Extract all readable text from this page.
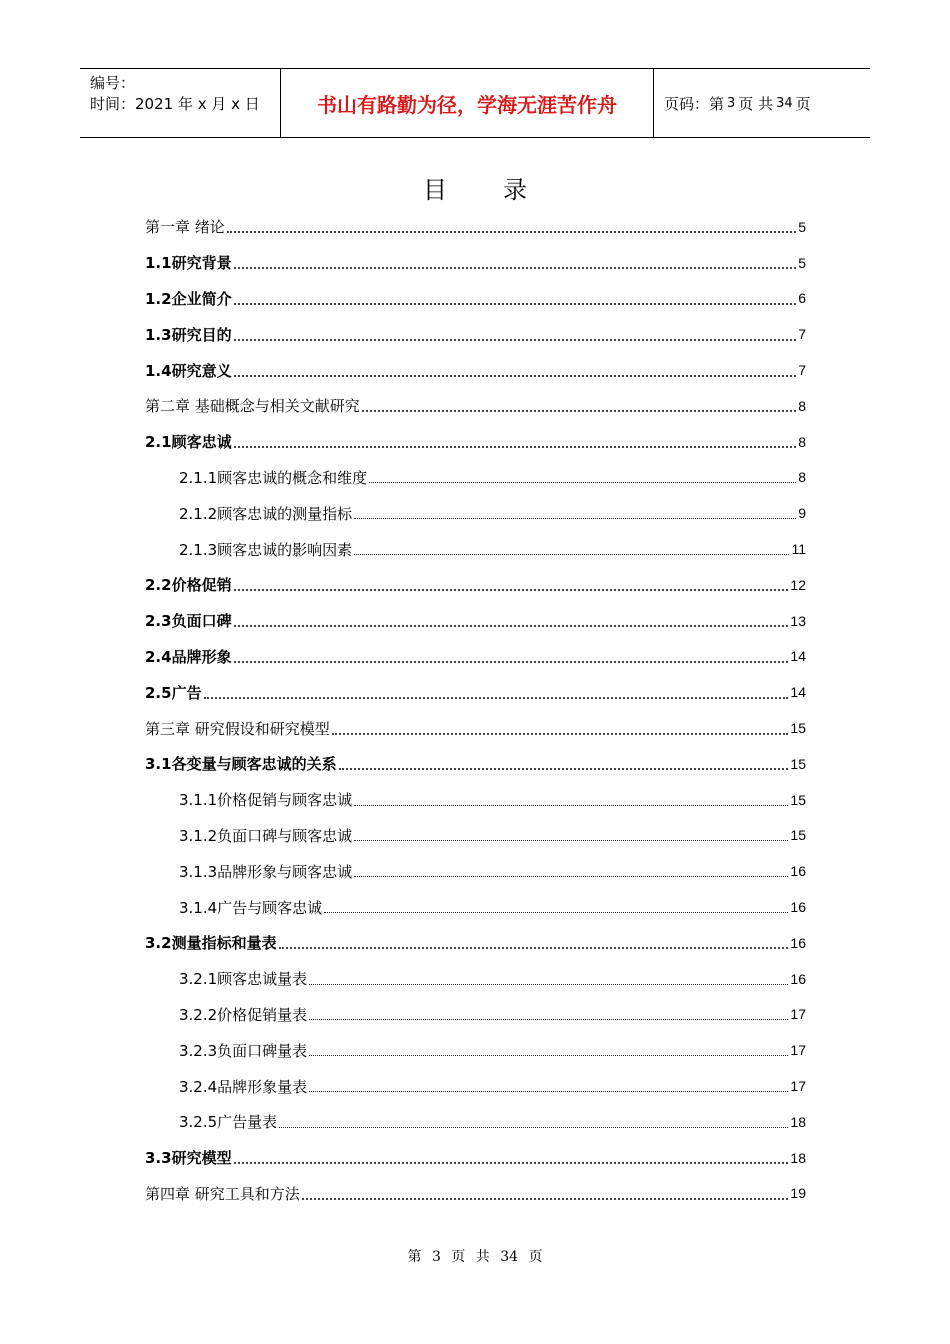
编号：
时间：2021 年 x 月 x 日	书山有路勤为径，学海无涯苦作舟	页码：第 3 页 共 34 页
目录
第一章 绪论	5
1.1研究背景	5
1.2企业简介	6
1.3研究目的	7
1.4研究意义	7
第二章 基础概念与相关文献研究	8
2.1顾客忠诚	8
2.1.1顾客忠诚的概念和维度	8
2.1.2顾客忠诚的测量指标	9
2.1.3顾客忠诚的影响因素	11
2.2价格促销	12
2.3负面口碑	13
2.4品牌形象	14
2.5广告	14
第三章 研究假设和研究模型	15
3.1各变量与顾客忠诚的关系	15
3.1.1价格促销与顾客忠诚	15
3.1.2负面口碑与顾客忠诚	15
3.1.3品牌形象与顾客忠诚	16
3.1.4广告与顾客忠诚	16
3.2测量指标和量表	16
3.2.1顾客忠诚量表	16
3.2.2价格促销量表	17
3.2.3负面口碑量表	17
3.2.4品牌形象量表	17
3.2.5广告量表	18
3.3研究模型	18
第四章 研究工具和方法	19
第 3 页 共 34 页
